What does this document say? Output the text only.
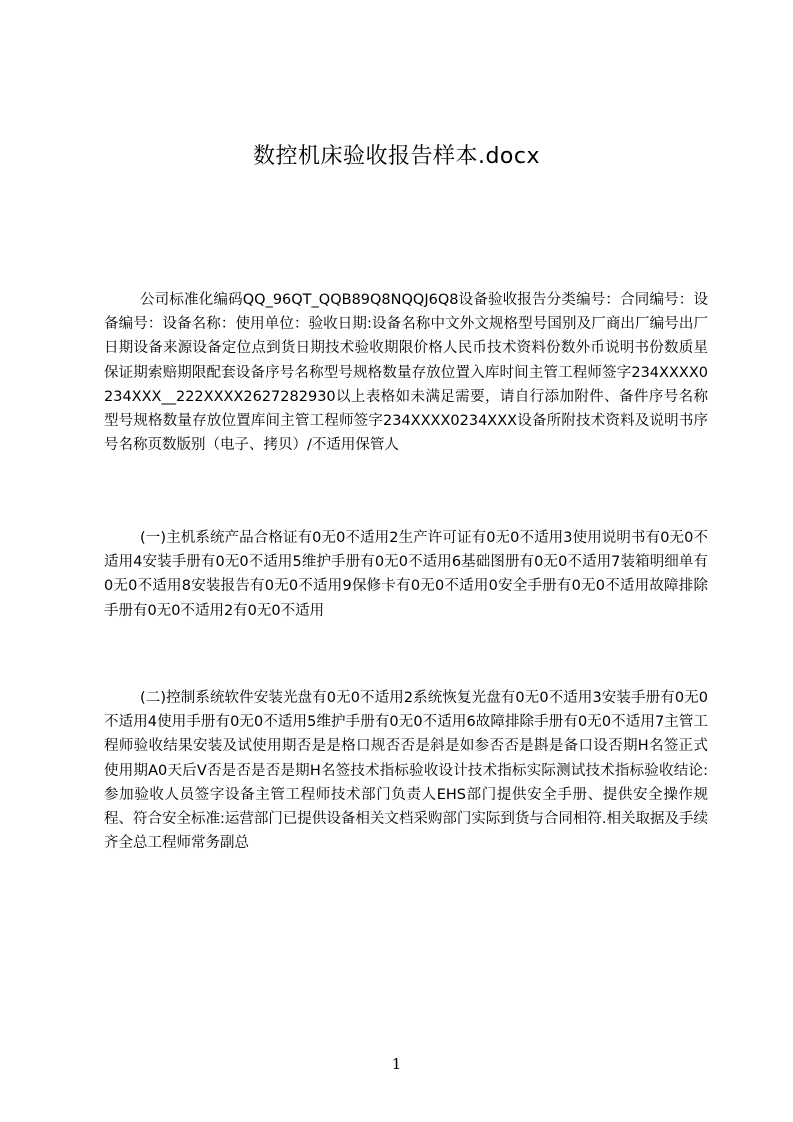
数控机床验收报告样本.docx

公司标准化编码QQ_96QT_QQB89Q8NQQJ6Q8设备验收报告分类编号：合同编号：设备编号：设备名称：使用单位：验收日期:设备名称中文外文规格型号国别及厂商出厂编号出厂日期设备来源设备定位点到货日期技术验收期限价格人民币技术资料份数外币说明书份数质星保证期索赔期限配套设备序号名称型号规格数量存放位置入库时间主管工程师签字234XXXX0234XXX__222XXXX2627282930以上表格如未满足需要，请自行添加附件、备件序号名称型号规格数量存放位置库间主管工程师签字234XXXX0234XXX设备所附技术资料及说明书序号名称页数版别（电子、拷贝）/不适用保管人

(一)主机系统产品合格证有0无0不适用2生产许可证有0无0不适用3使用说明书有0无0不适用4安装手册有0无0不适用5维护手册有0无0不适用6基础图册有0无0不适用7装箱明细单有0无0不适用8安装报告有0无0不适用9保修卡有0无0不适用0安全手册有0无0不适用故障排除手册有0无0不适用2有0无0不适用

(二)控制系统软件安装光盘有0无0不适用2系统恢复光盘有0无0不适用3安装手册有0无0不适用4使用手册有0无0不适用5维护手册有0无0不适用6故障排除手册有0无0不适用7主管工程师验收结果安装及试使用期否是是格口规否否是斜是如参否否是斟是备口设否期H名签正式使用期A0天后V否是否是否是期H名签技术指标验收设计技术指标实际测试技术指标验收结论:参加验收人员签字设备主管工程师技术部门负责人EHS部门提供安全手册、提供安全操作规程、符合安全标准:运营部门已提供设备相关文档采购部门实际到货与合同相符.相关取据及手续齐全总工程师常务副总

1
